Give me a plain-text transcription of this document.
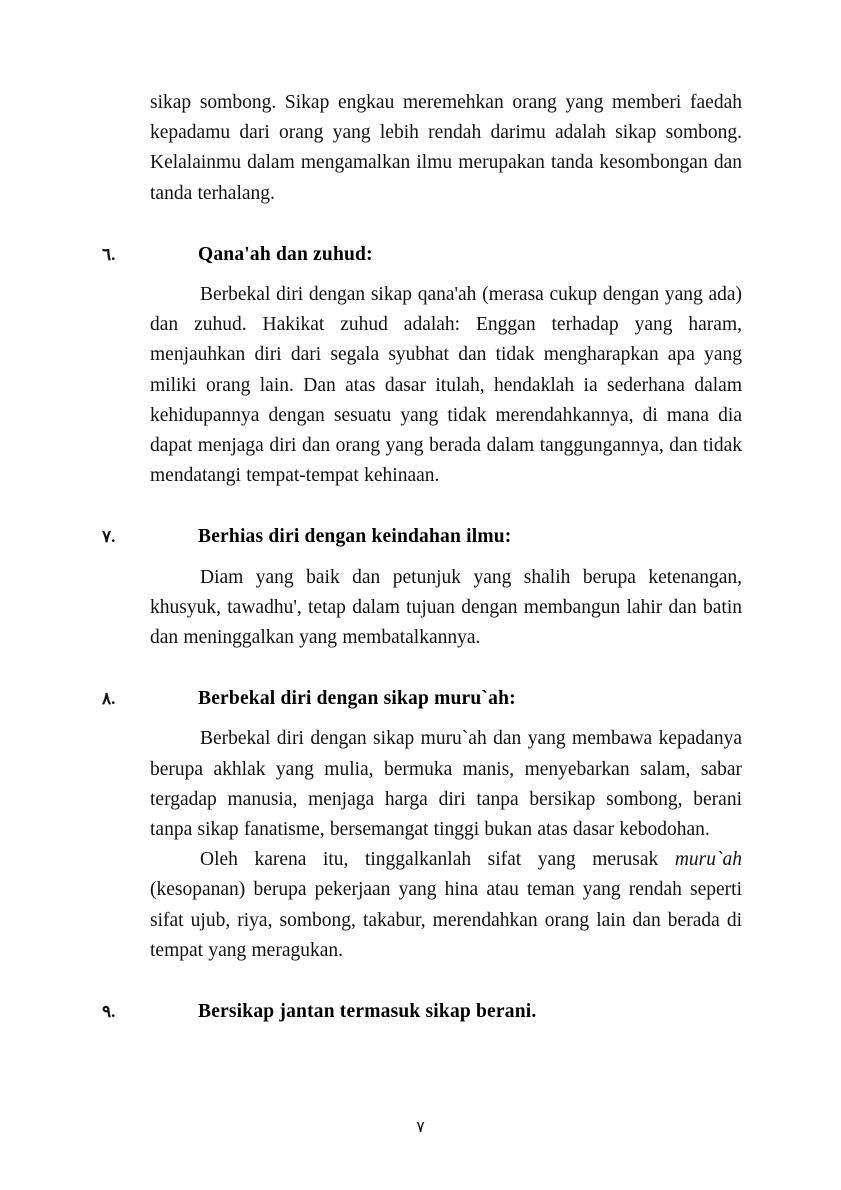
sikap sombong. Sikap engkau meremehkan orang yang memberi faedah kepadamu dari orang yang lebih rendah darimu adalah sikap sombong. Kelalainmu dalam mengamalkan ilmu merupakan tanda kesombongan dan tanda terhalang.

٦.	Qana'ah dan zuhud:

Berbekal diri dengan sikap qana'ah (merasa cukup dengan yang ada) dan zuhud. Hakikat zuhud adalah: Enggan terhadap yang haram, menjauhkan diri dari segala syubhat dan tidak mengharapkan apa yang miliki orang lain. Dan atas dasar itulah, hendaklah ia sederhana dalam kehidupannya dengan sesuatu yang tidak merendahkannya, di mana dia dapat menjaga diri dan orang yang berada dalam tanggungannya, dan tidak mendatangi tempat-tempat kehinaan.

٧.	Berhias diri dengan keindahan ilmu:

Diam yang baik dan petunjuk yang shalih berupa ketenangan, khusyuk, tawadhu', tetap dalam tujuan dengan membangun lahir dan batin dan meninggalkan yang membatalkannya.

٨.	Berbekal diri dengan sikap muru`ah:

Berbekal diri dengan sikap muru`ah dan yang membawa kepadanya berupa akhlak yang mulia, bermuka manis, menyebarkan salam, sabar tergadap manusia, menjaga harga diri tanpa bersikap sombong, berani tanpa sikap fanatisme, bersemangat tinggi bukan atas dasar kebodohan.

Oleh karena itu, tinggalkanlah sifat yang merusak muru`ah (kesopanan) berupa pekerjaan yang hina atau teman yang rendah seperti sifat ujub, riya, sombong, takabur, merendahkan orang lain dan berada di tempat yang meragukan.

٩.	Bersikap jantan termasuk sikap berani.
٧
